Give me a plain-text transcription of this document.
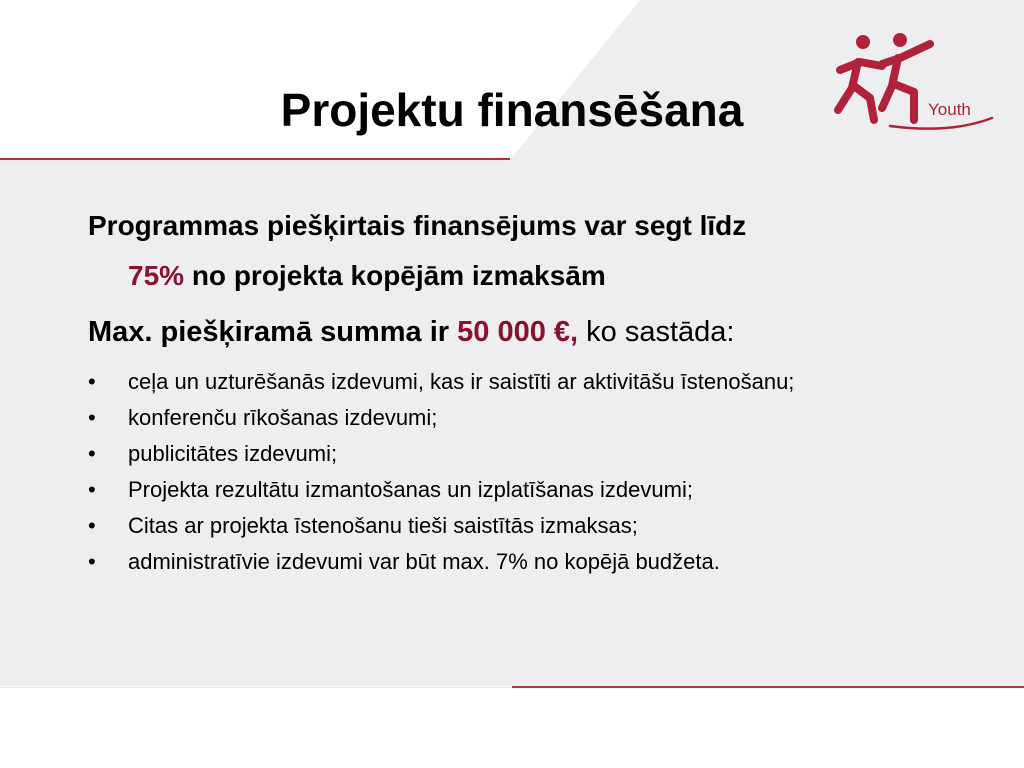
Youth
Projektu finansēšana

Programmas piešķirtais finansējums var segt līdz
75% no projekta kopējām izmaksām

Max. piešķiramā summa ir 50 000 €, ko sastāda:

•	ceļa un uzturēšanās izdevumi, kas ir saistīti ar aktivitāšu īstenošanu;
•	konferenču rīkošanas izdevumi;
•	publicitātes izdevumi;
•	Projekta rezultātu izmantošanas un izplatīšanas izdevumi;
•	Citas ar projekta īstenošanu tieši saistītās izmaksas;
•	administratīvie izdevumi var būt max. 7% no kopējā budžeta.
